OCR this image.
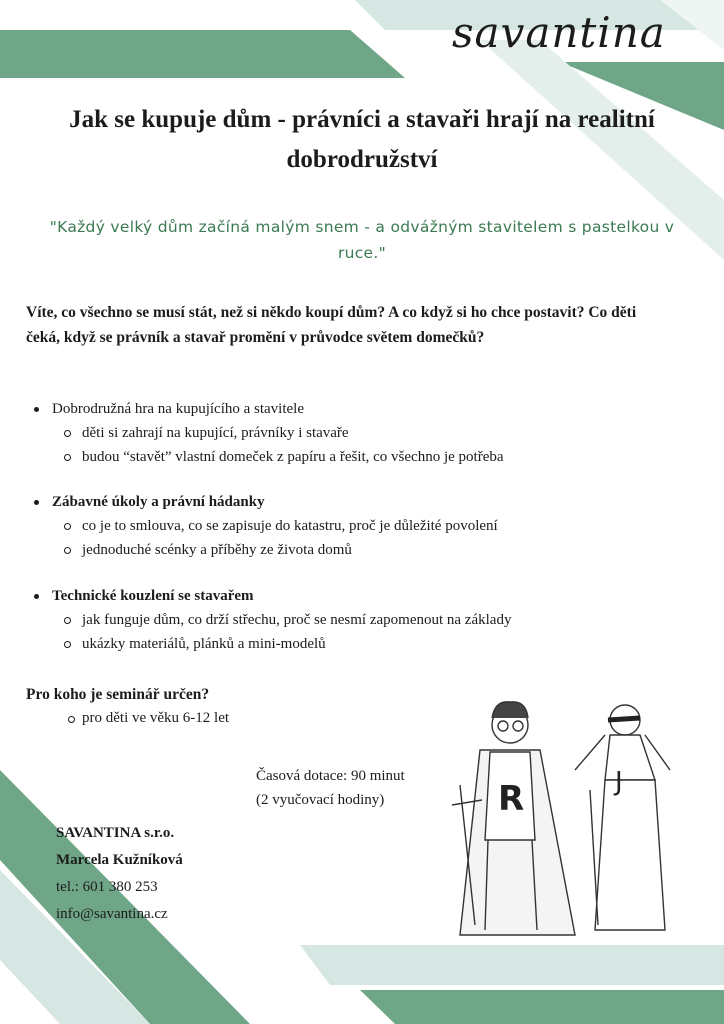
savantina
Jak se kupuje dům - právníci a stavaři hrají na realitní dobrodružství
"Každý velký dům začíná malým snem - a odvážným stavitelem s pastelkou v ruce."
Víte, co všechno se musí stát, než si někdo koupí dům? A co když si ho chce postavit? Co děti čeká, když se právník a stavař promění v průvodce světem domečků?
Dobrodružná hra na kupujícího a stavitele
děti si zahrají na kupující, právníky i stavaře
budou “stavět” vlastní domeček z papíru a řešit, co všechno je potřeba
Zábavné úkoly a právní hádanky
co je to smlouva, co se zapisuje do katastru, proč je důležité povolení
jednoduché scénky a příběhy ze života domů
Technické kouzlení se stavařem
jak funguje dům, co drží střechu, proč se nesmí zapomenout na základy
ukázky materiálů, plánků a mini-modelů
Pro koho je seminář určen?
pro děti ve věku 6-12 let
Časová dotace: 90 minut
(2 vyučovací hodiny)
SAVANTINA s.r.o.
Marcela Kužníková
tel.: 601 380 253
info@savantina.cz
R	J
